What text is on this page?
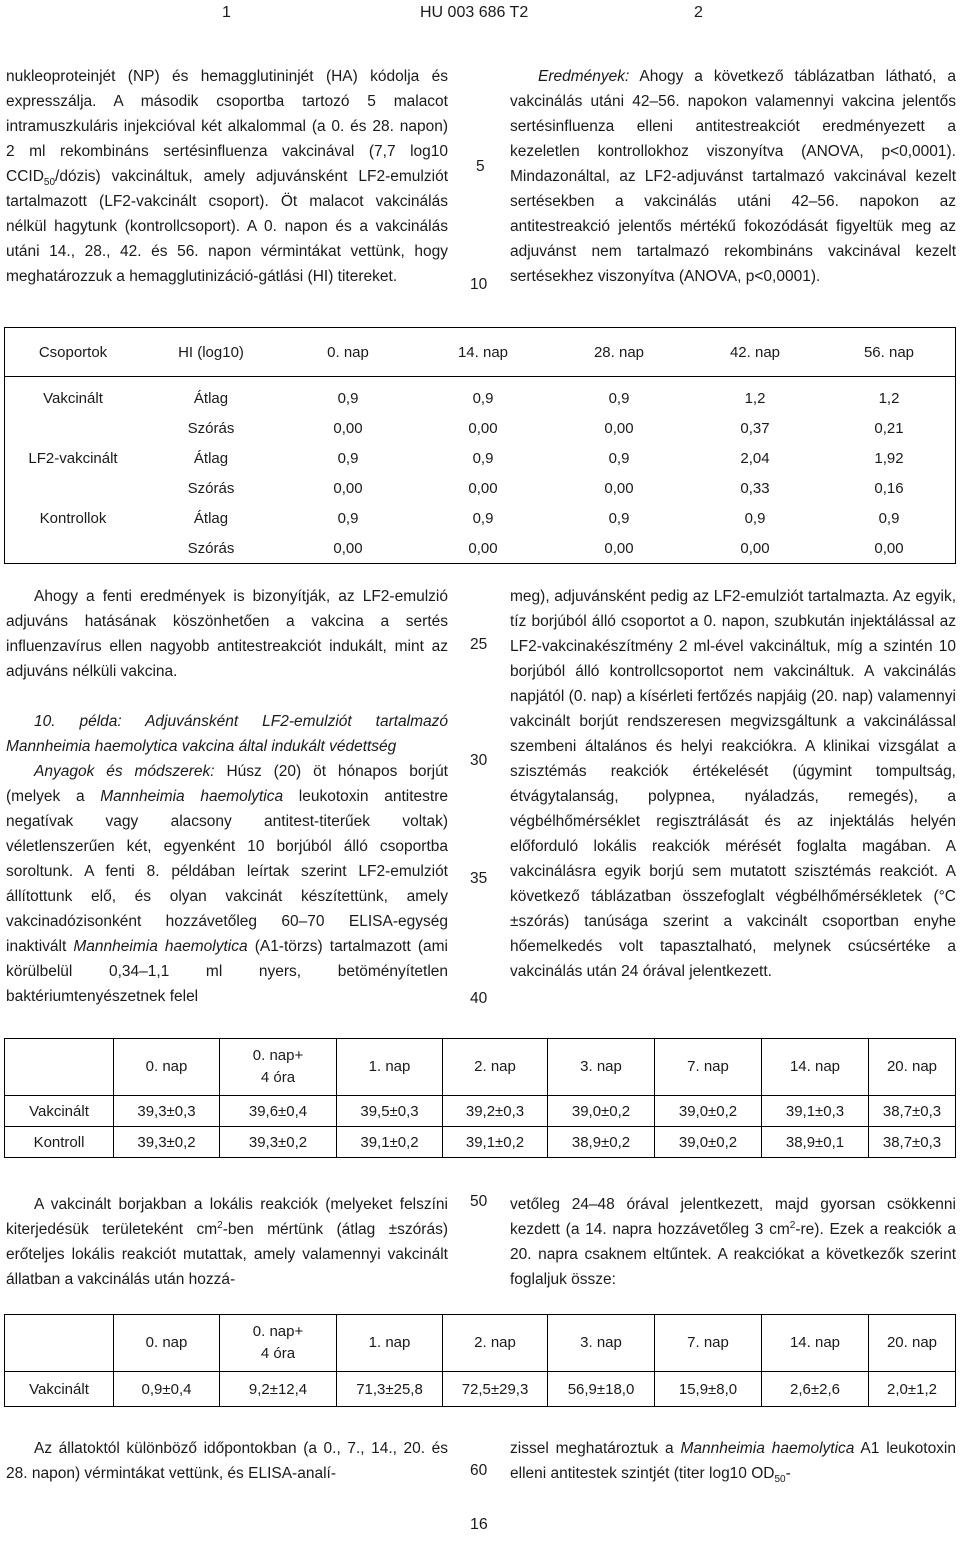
1	HU 003 686 T2	2
5
10
25
30
35
40
50
60

nukleoproteinjét (NP) és hemagglutininjét (HA) kódolja és expresszálja. A második csoportba tartozó 5 malacot intramuszkuláris injekcióval két alkalommal (a 0. és 28. napon) 2 ml rekombináns sertésinfluenza vakcinával (7,7 log10 $CCID_{50}/dózis$) vakcináltuk, amely adjuvánsként LF2-emulziót tartalmazott (LF2-vakcinált csoport). Öt malacot vakcinálás nélkül hagytunk (kontrollcsoport). A 0. napon és a vakcinálás utáni 14., 28., 42. és 56. napon vérmintákat vettünk, hogy meghatározzuk a hemagglutinizáció-gátlási (HI) titereket.

Eredmények: Ahogy a következő táblázatban látható, a vakcinálás utáni 42–56. napokon valamennyi vakcina jelentős sertésinfluenza elleni antitestreakciót eredményezett a kezeletlen kontrollokhoz viszonyítva (ANOVA, p<0,0001). Mindazonáltal, az LF2-adjuvánst tartalmazó vakcinával kezelt sertésekben a vakcinálás utáni 42–56. napokon az antitestreakció jelentős mértékű fokozódását figyeltük meg az adjuvánst nem tartalmazó rekombináns vakcinával kezelt sertésekhez viszonyítva (ANOVA, p<0,0001).

Csoportok	HI (log10)	0. nap	14. nap	28. nap	42. nap	56. nap
Vakcinált	Átlag	0,9	0,9	0,9	1,2	1,2
	Szórás	0,00	0,00	0,00	0,37	0,21
LF2-vakcinált	Átlag	0,9	0,9	0,9	2,04	1,92
	Szórás	0,00	0,00	0,00	0,33	0,16
Kontrollok	Átlag	0,9	0,9	0,9	0,9	0,9
	Szórás	0,00	0,00	0,00	0,00	0,00

Ahogy a fenti eredmények is bizonyítják, az LF2-emulzió adjuváns hatásának köszönhetően a vakcina a sertés influenzavírus ellen nagyobb antitestreakciót indukált, mint az adjuváns nélküli vakcina.

10. példa: Adjuvánsként LF2-emulziót tartalmazó Mannheimia haemolytica vakcina által indukált védettség

Anyagok és módszerek: Húsz (20) öt hónapos borjút (melyek a Mannheimia haemolytica leukotoxin antitestre negatívak vagy alacsony antitest-titerűek voltak) véletlenszerűen két, egyenként 10 borjúból álló csoportba soroltunk. A fenti 8. példában leírtak szerint LF2-emulziót állítottunk elő, és olyan vakcinát készítettünk, amely vakcinadózisonként hozzávetőleg 60–70 ELISA-egység inaktivált Mannheimia haemolytica (A1-törzs) tartalmazott (ami körülbelül 0,34–1,1 ml nyers, betöményítetlen baktériumtenyészetnek felel

meg), adjuvánsként pedig az LF2-emulziót tartalmazta. Az egyik, tíz borjúból álló csoportot a 0. napon, szubkután injektálással az LF2-vakcinakészítmény 2 ml-ével vakcináltuk, míg a szintén 10 borjúból álló kontrollcsoportot nem vakcináltuk. A vakcinálás napjától (0. nap) a kísérleti fertőzés napjáig (20. nap) valamennyi vakcinált borjút rendszeresen megvizsgáltunk a vakcinálással szembeni általános és helyi reakciókra. A klinikai vizsgálat a szisztémás reakciók értékelését (úgymint tompultság, étvágytalanság, polypnea, nyáladzás, remegés), a végbélhőmérséklet regisztrálását és az injektálás helyén előforduló lokális reakciók mérését foglalta magában. A vakcinálásra egyik borjú sem mutatott szisztémás reakciót. A következő táblázatban összefoglalt végbélhőmérsékletek (°C ±szórás) tanúsága szerint a vakcinált csoportban enyhe hőemelkedés volt tapasztalható, melynek csúcsértéke a vakcinálás után 24 órával jelentkezett.

	0. nap	0. nap+
4 óra	1. nap	2. nap	3. nap	7. nap	14. nap	20. nap
Vakcinált	39,3±0,3	39,6±0,4	39,5±0,3	39,2±0,3	39,0±0,2	39,0±0,2	39,1±0,3	38,7±0,3
Kontroll	39,3±0,2	39,3±0,2	39,1±0,2	39,1±0,2	38,9±0,2	39,0±0,2	38,9±0,1	38,7±0,3

A vakcinált borjakban a lokális reakciók (melyeket felszíni kiterjedésük területeként $cm^2$-ben mértünk (átlag ±szórás) erőteljes lokális reakciót mutattak, amely valamennyi vakcinált állatban a vakcinálás után hozzá-

vetőleg 24–48 órával jelentkezett, majd gyorsan csökkenni kezdett (a 14. napra hozzávetőleg 3 $cm^2-re$). Ezek a reakciók a 20. napra csaknem eltűntek. A reakciókat a következők szerint foglaljuk össze:

	0. nap	0. nap+
4 óra	1. nap	2. nap	3. nap	7. nap	14. nap	20. nap
Vakcinált	0,9±0,4	9,2±12,4	71,3±25,8	72,5±29,3	56,9±18,0	15,9±8,0	2,6±2,6	2,0±1,2

Az állatoktól különböző időpontokban (a 0., 7., 14., 20. és 28. napon) vérmintákat vettünk, és ELISA-analí-

zissel meghatároztuk a Mannheimia haemolytica A1 leukotoxin elleni antitestek szintjét (titer log10 $OD_{50}-$

16
